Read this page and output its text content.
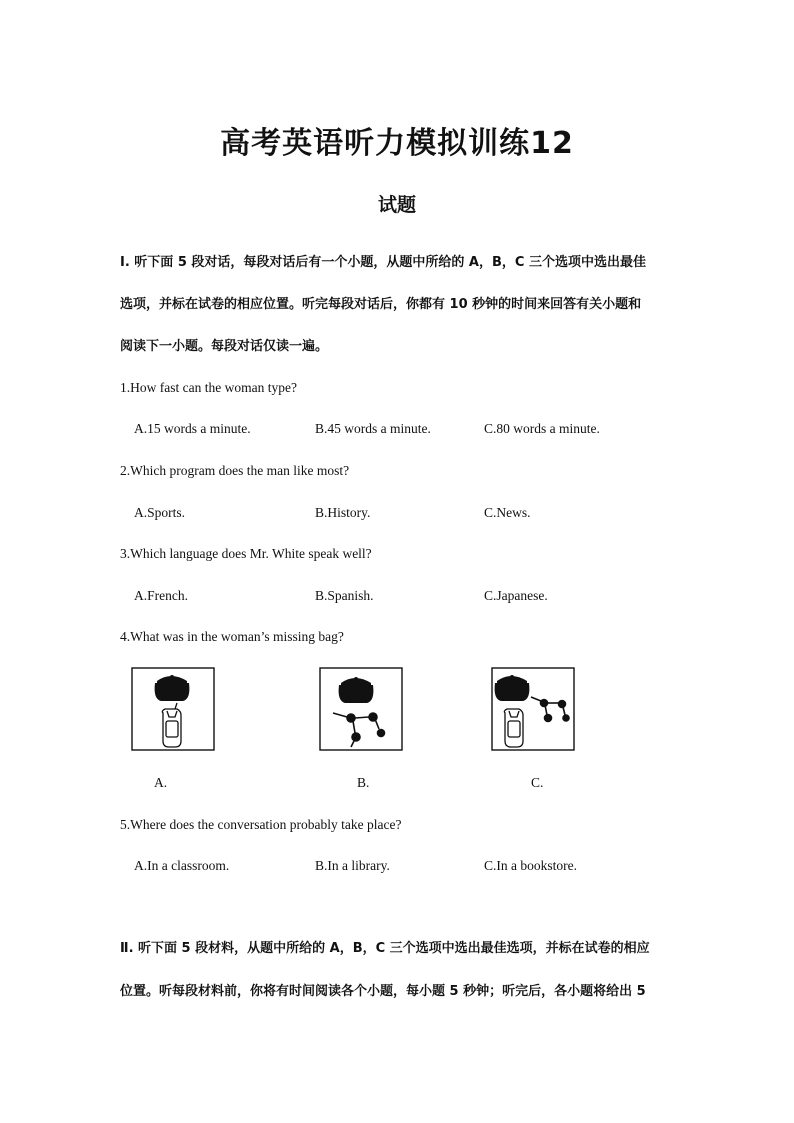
高考英语听力模拟训练12
试题
Ⅰ. 听下面 5 段对话，每段对话后有一个小题，从题中所给的 A，B，C 三个选项中选出最佳
选项，并标在试卷的相应位置。听完每段对话后，你都有 10 秒钟的时间来回答有关小题和
阅读下一小题。每段对话仅读一遍。
1.How fast can the woman type?
A.15 words a minute.	B.45 words a minute.	C.80 words a minute.
2.Which program does the man like most?
A.Sports.	B.History.	C.News.
3.Which language does Mr. White speak well?
A.French.	B.Spanish.	C.Japanese.
4.What was in the woman’s missing bag?
A.	B.	C.
5.Where does the conversation probably take place?
A.In a classroom.	B.In a library.	C.In a bookstore.
Ⅱ. 听下面 5 段材料，从题中所给的 A，B，C 三个选项中选出最佳选项，并标在试卷的相应
位置。听每段材料前，你将有时间阅读各个小题，每小题 5 秒钟；听完后，各小题将给出 5
